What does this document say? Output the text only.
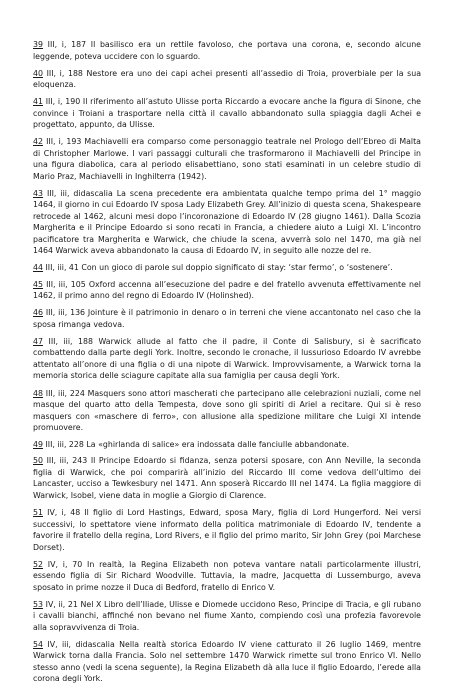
39 III, i, 187 Il basilisco era un rettile favoloso, che portava una corona, e, secondo alcune leggende, poteva uccidere con lo sguardo.

40 III, i, 188 Nestore era uno dei capi achei presenti all’assedio di Troia, proverbiale per la sua eloquenza.

41 III, i, 190 Il riferimento all’astuto Ulisse porta Riccardo a evocare anche la figura di Sinone, che convince i Troiani a trasportare nella città il cavallo abbandonato sulla spiaggia dagli Achei e progettato, appunto, da Ulisse.

42 III, i, 193 Machiavelli era comparso come personaggio teatrale nel Prologo dell’Ebreo di Malta di Christopher Marlowe. I vari passaggi culturali che trasformarono il Machiavelli del Principe in una figura diabolica, cara al periodo elisabettiano, sono stati esaminati in un celebre studio di Mario Praz, Machiavelli in Inghilterra (1942).

43 III, iii, didascalia La scena precedente era ambientata qualche tempo prima del 1° maggio 1464, il giorno in cui Edoardo IV sposa Lady Elizabeth Grey. All’inizio di questa scena, Shakespeare retrocede al 1462, alcuni mesi dopo l’incoronazione di Edoardo IV (28 giugno 1461). Dalla Scozia Margherita e il Principe Edoardo si sono recati in Francia, a chiedere aiuto a Luigi XI. L’incontro pacificatore tra Margherita e Warwick, che chiude la scena, avverrà solo nel 1470, ma già nel 1464 Warwick aveva abbandonato la causa di Edoardo IV, in seguito alle nozze del re.

44 III, iii, 41 Con un gioco di parole sul doppio significato di stay: ‘star fermo’, o ‘sostenere’.

45 III, iii, 105 Oxford accenna all’esecuzione del padre e del fratello avvenuta effettivamente nel 1462, il primo anno del regno di Edoardo IV (Holinshed).

46 III, iii, 136 Jointure è il patrimonio in denaro o in terreni che viene accantonato nel caso che la sposa rimanga vedova.

47 III, iii, 188 Warwick allude al fatto che il padre, il Conte di Salisbury, si è sacrificato combattendo dalla parte degli York. Inoltre, secondo le cronache, il lussurioso Edoardo IV avrebbe attentato all’onore di una figlia o di una nipote di Warwick. Improvvisamente, a Warwick torna la memoria storica delle sciagure capitate alla sua famiglia per causa degli York.

48 III, iii, 224 Masquers sono attori mascherati che partecipano alle celebrazioni nuziali, come nel masque del quarto atto della Tempesta, dove sono gli spiriti di Ariel a recitare. Qui si è reso masquers con «maschere di ferro», con allusione alla spedizione militare che Luigi XI intende promuovere.

49 III, iii, 228 La «ghirlanda di salice» era indossata dalle fanciulle abbandonate.

50 III, iii, 243 Il Principe Edoardo si fidanza, senza potersi sposare, con Ann Neville, la seconda figlia di Warwick, che poi comparirà all’inizio del Riccardo III come vedova dell’ultimo dei Lancaster, ucciso a Tewkesbury nel 1471. Ann sposerà Riccardo III nel 1474. La figlia maggiore di Warwick, Isobel, viene data in moglie a Giorgio di Clarence.

51 IV, i, 48 Il figlio di Lord Hastings, Edward, sposa Mary, figlia di Lord Hungerford. Nei versi successivi, lo spettatore viene informato della politica matrimoniale di Edoardo IV, tendente a favorire il fratello della regina, Lord Rivers, e il figlio del primo marito, Sir John Grey (poi Marchese Dorset).

52 IV, i, 70 In realtà, la Regina Elizabeth non poteva vantare natali particolarmente illustri, essendo figlia di Sir Richard Woodville. Tuttavia, la madre, Jacquetta di Lussemburgo, aveva sposato in prime nozze il Duca di Bedford, fratello di Enrico V.

53 IV, ii, 21 Nel X Libro dell’Iliade, Ulisse e Diomede uccidono Reso, Principe di Tracia, e gli rubano i cavalli bianchi, affinché non bevano nel fiume Xanto, compiendo così una profezia favorevole alla sopravvivenza di Troia.

54 IV, iii, didascalia Nella realtà storica Edoardo IV viene catturato il 26 luglio 1469, mentre Warwick torna dalla Francia. Solo nel settembre 1470 Warwick rimette sul trono Enrico VI. Nello stesso anno (vedi la scena seguente), la Regina Elizabeth dà alla luce il figlio Edoardo, l’erede alla corona degli York.
